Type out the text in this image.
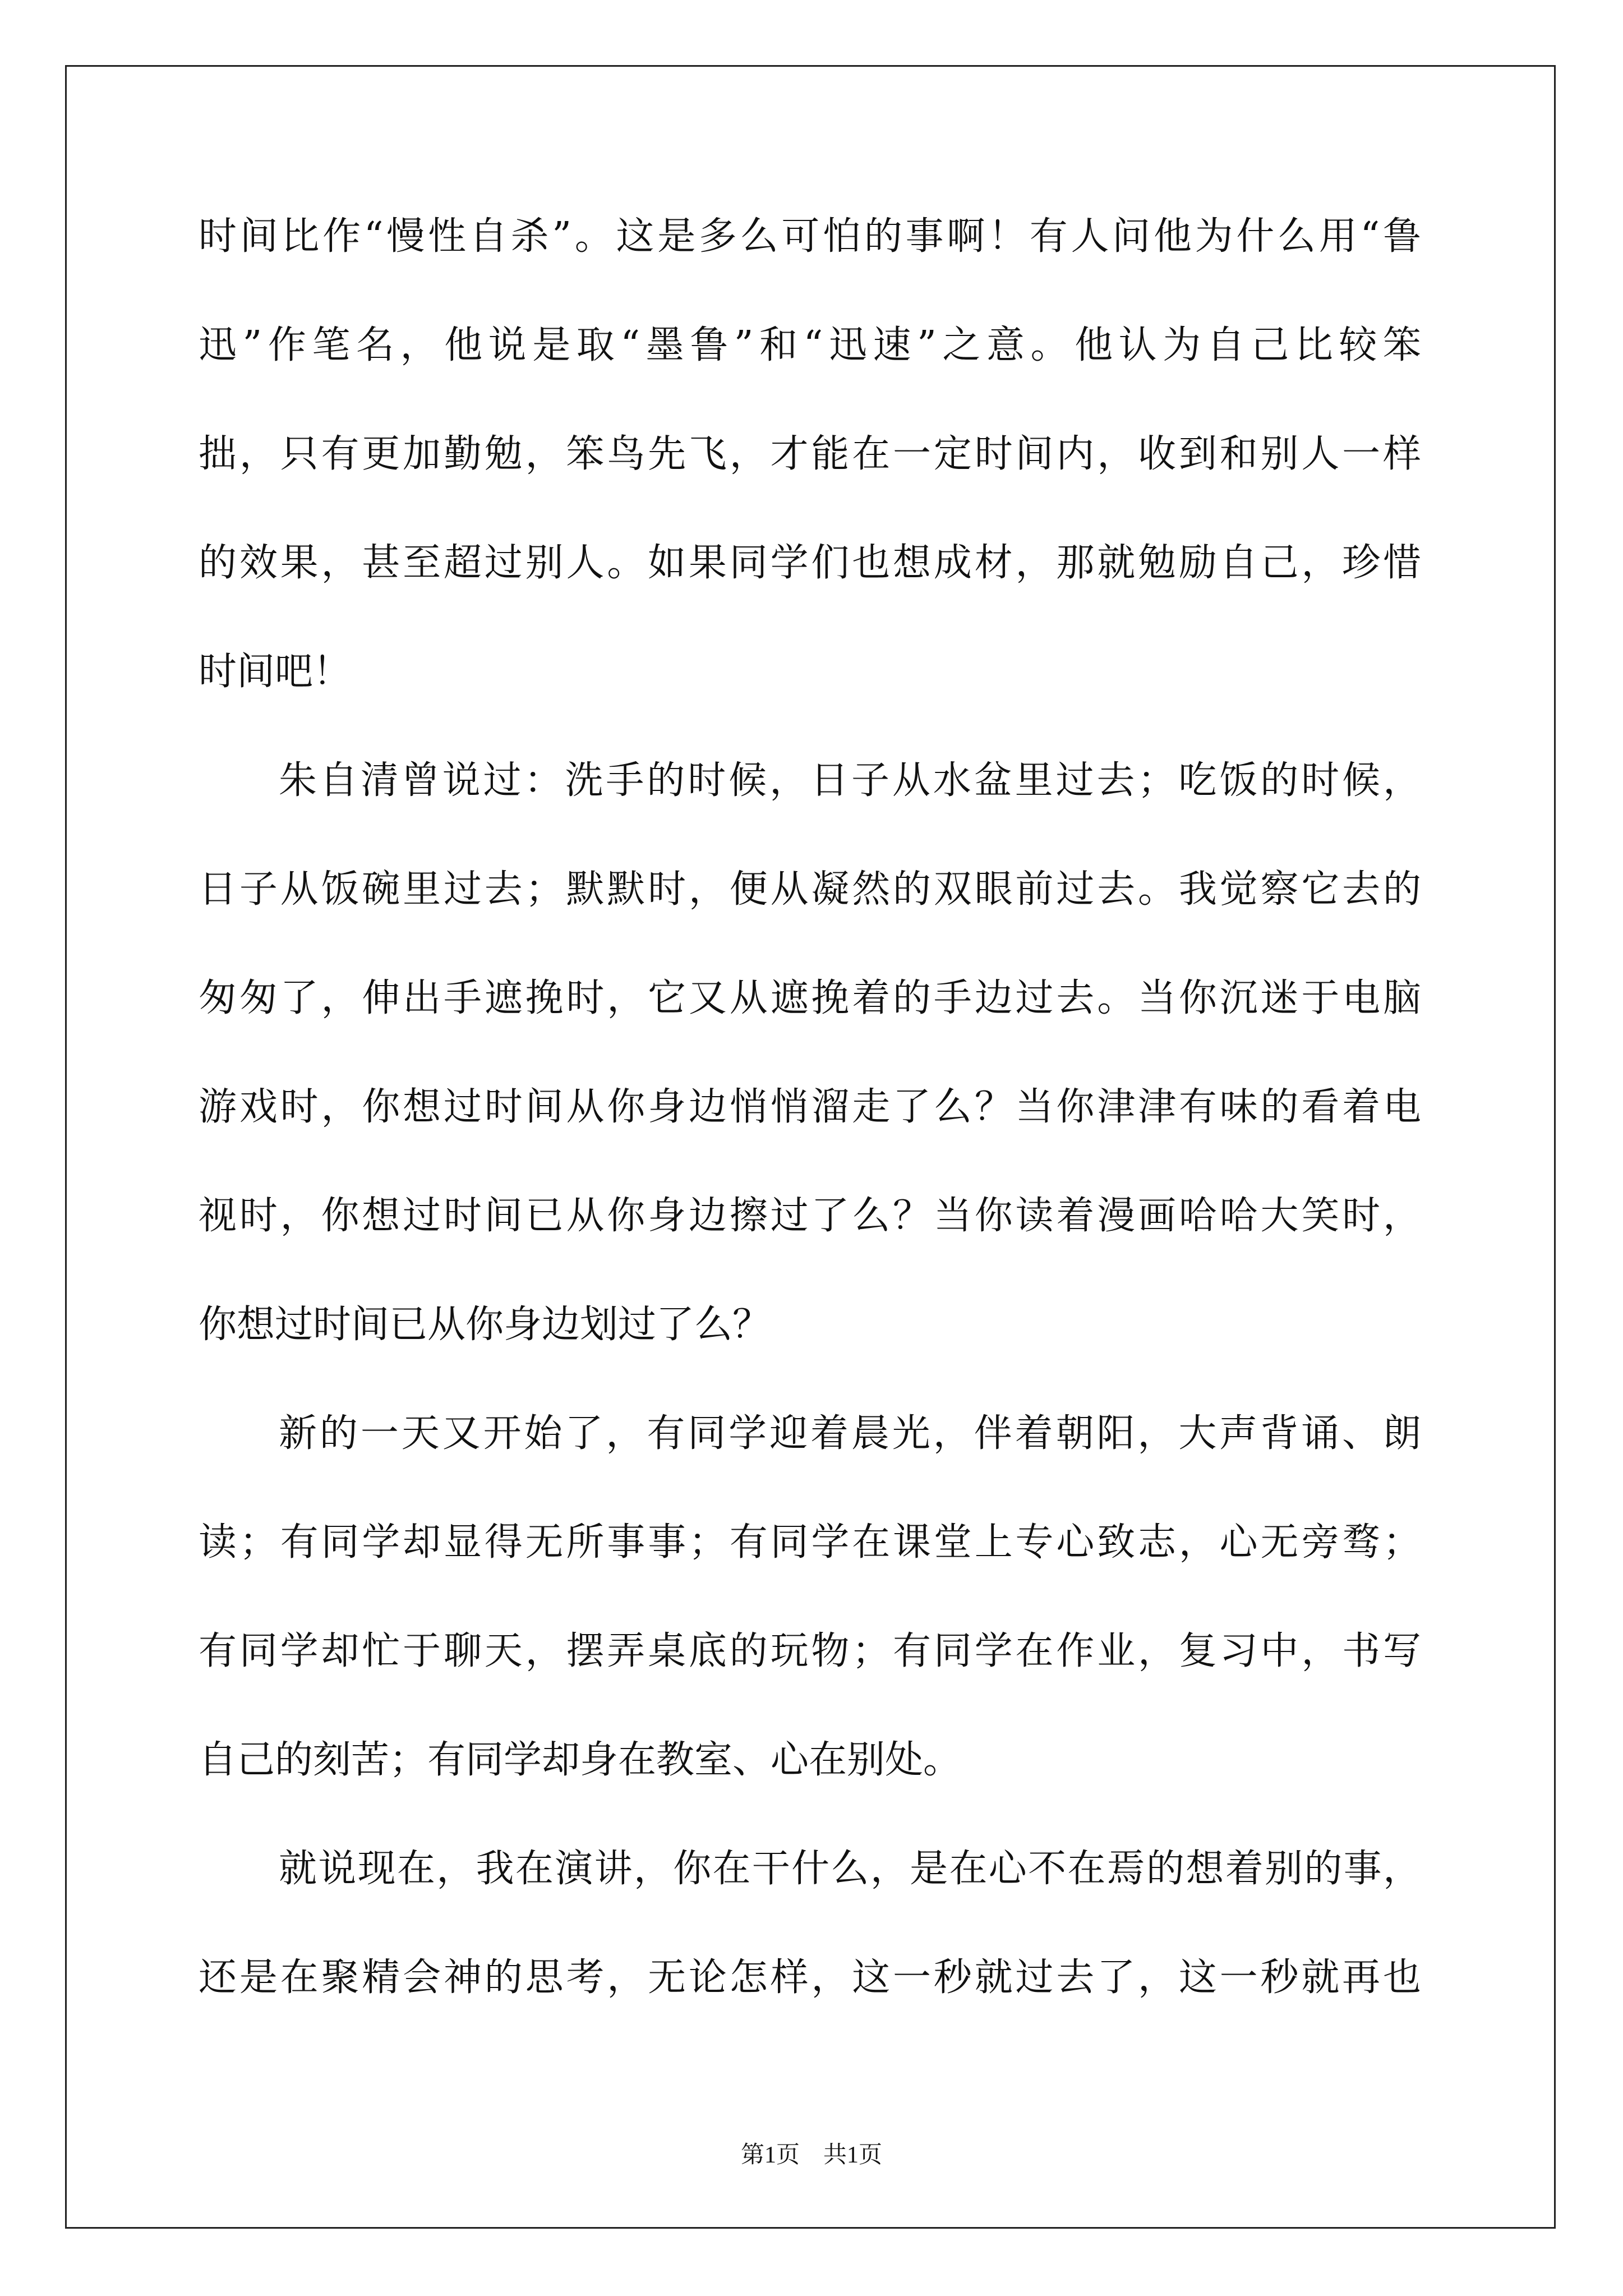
时间比作“慢性自杀”。这是多么可怕的事啊！有人问他为什么用“鲁
迅”作笔名，他说是取“墨鲁”和“迅速”之意。他认为自己比较笨
拙，只有更加勤勉，笨鸟先飞，才能在一定时间内，收到和别人一样
的效果，甚至超过别人。如果同学们也想成材，那就勉励自己，珍惜
时间吧！
朱自清曾说过：洗手的时候，日子从水盆里过去；吃饭的时候，
日子从饭碗里过去；默默时，便从凝然的双眼前过去。我觉察它去的
匆匆了，伸出手遮挽时，它又从遮挽着的手边过去。当你沉迷于电脑
游戏时，你想过时间从你身边悄悄溜走了么？当你津津有味的看着电
视时，你想过时间已从你身边擦过了么？当你读着漫画哈哈大笑时，
你想过时间已从你身边划过了么？
新的一天又开始了，有同学迎着晨光，伴着朝阳，大声背诵、朗
读；有同学却显得无所事事；有同学在课堂上专心致志，心无旁骛；
有同学却忙于聊天，摆弄桌底的玩物；有同学在作业，复习中，书写
自己的刻苦；有同学却身在教室、心在别处。
就说现在，我在演讲，你在干什么，是在心不在焉的想着别的事，
还是在聚精会神的思考，无论怎样，这一秒就过去了，这一秒就再也
第1页 共1页
